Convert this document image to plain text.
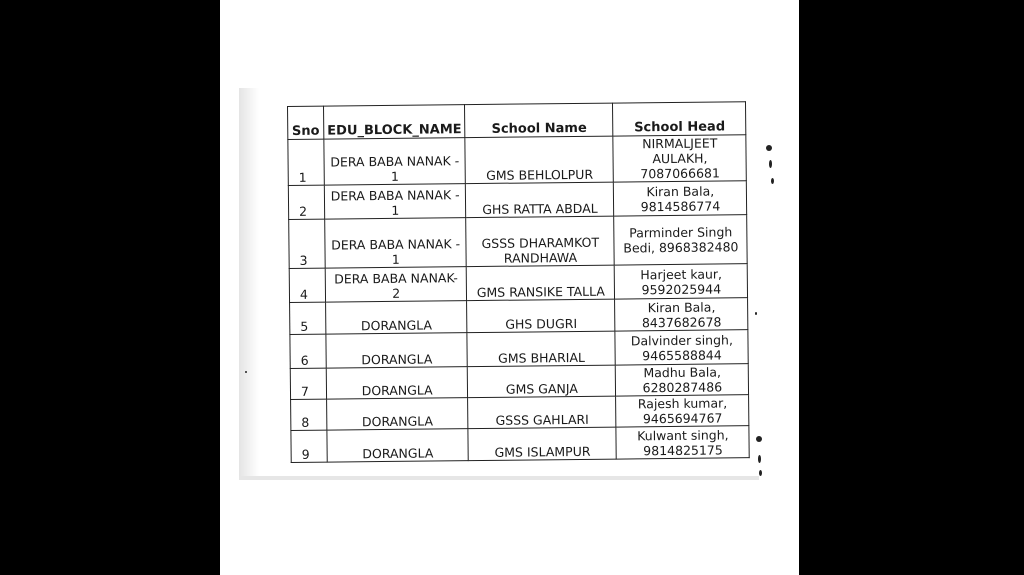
Sno	EDU_BLOCK_NAME	School Name	School Head
1	DERA BABA NANAK - 1	GMS BEHLOLPUR	NIRMALJEET AULAKH, 7087066681
2	DERA BABA NANAK - 1	GHS RATTA ABDAL	Kiran Bala, 9814586774
3	DERA BABA NANAK - 1	GSSS DHARAMKOT RANDHAWA	Parminder Singh Bedi, 8968382480
4	DERA BABA NANAK- 2	GMS RANSIKE TALLA	Harjeet kaur, 9592025944
5	DORANGLA	GHS DUGRI	Kiran Bala, 8437682678
6	DORANGLA	GMS BHARIAL	Dalvinder singh, 9465588844
7	DORANGLA	GMS GANJA	Madhu Bala, 6280287486
8	DORANGLA	GSSS GAHLARI	Rajesh kumar, 9465694767
9	DORANGLA	GMS ISLAMPUR	Kulwant singh, 9814825175
